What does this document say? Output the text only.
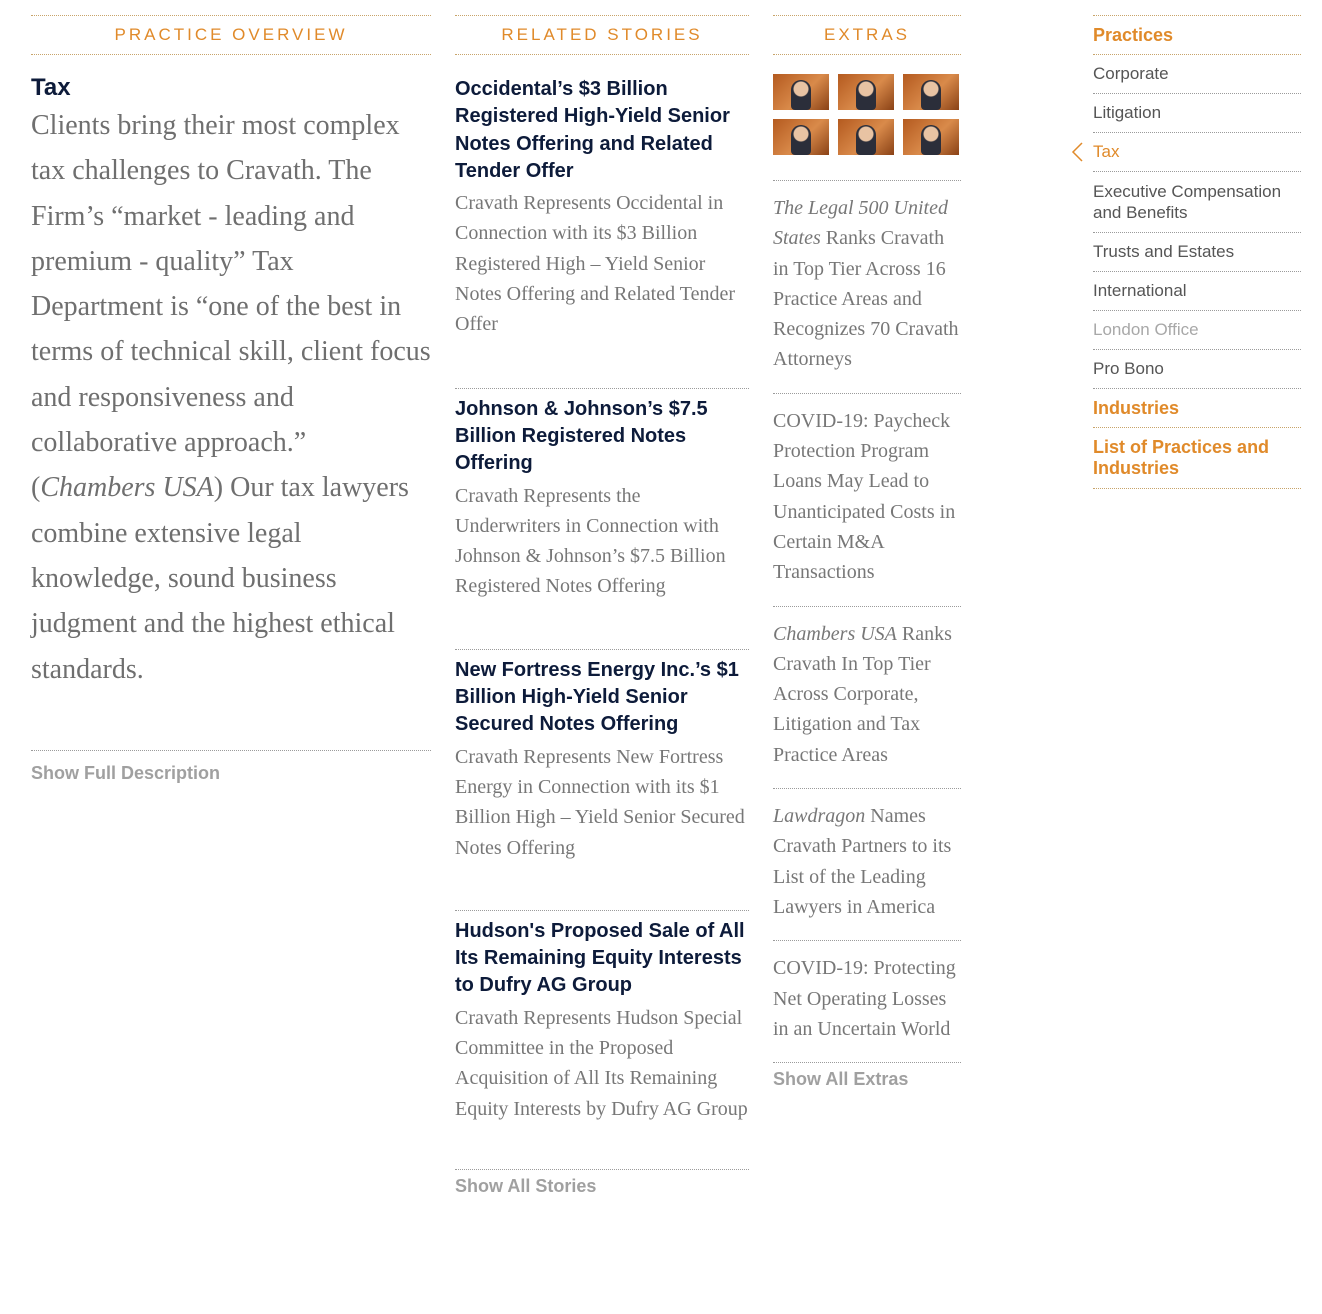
PRACTICE OVERVIEW
Tax
Clients bring their most complex tax challenges to Cravath. The Firm’s “market - leading and premium - quality” Tax Department is “one of the best in terms of technical skill, client focus and responsiveness and collaborative approach.” (Chambers USA) Our tax lawyers combine extensive legal knowledge, sound business judgment and the highest ethical standards.
Show Full Description
RELATED STORIES
Occidental’s $3 Billion Registered High-Yield Senior Notes Offering and Related Tender Offer
Cravath Represents Occidental in Connection with its $3 Billion Registered High – Yield Senior Notes Offering and Related Tender Offer
Johnson & Johnson’s $7.5 Billion Registered Notes Offering
Cravath Represents the Underwriters in Connection with Johnson & Johnson’s $7.5 Billion Registered Notes Offering
New Fortress Energy Inc.’s $1 Billion High-Yield Senior Secured Notes Offering
Cravath Represents New Fortress Energy in Connection with its $1 Billion High – Yield Senior Secured Notes Offering
Hudson's Proposed Sale of All Its Remaining Equity Interests to Dufry AG Group
Cravath Represents Hudson Special Committee in the Proposed Acquisition of All Its Remaining Equity Interests by Dufry AG Group
Show All Stories
EXTRAS
The Legal 500 United States Ranks Cravath in Top Tier Across 16 Practice Areas and Recognizes 70 Cravath Attorneys
COVID-19: Paycheck Protection Program Loans May Lead to Unanticipated Costs in Certain M&A Transactions
Chambers USA Ranks Cravath In Top Tier Across Corporate, Litigation and Tax Practice Areas
Lawdragon Names Cravath Partners to its List of the Leading Lawyers in America
COVID-19: Protecting Net Operating Losses in an Uncertain World
Show All Extras
Practices
Corporate
Litigation
Tax
Executive Compensation and Benefits
Trusts and Estates
International
London Office
Pro Bono
Industries
List of Practices and Industries
